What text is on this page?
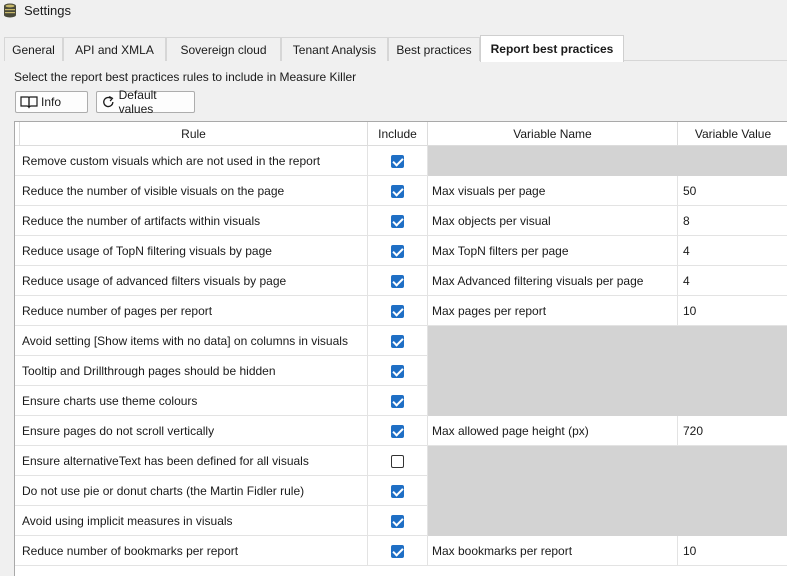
Settings
General	API and XMLA	Sovereign cloud	Tenant Analysis	Best practices	Report best practices
Select the report best practices rules to include in Measure Killer
Info	Default values
Rule	Include	Variable Name	Variable Value
Remove custom visuals which are not used in the report
Reduce the number of visible visuals on the page	Max visuals per page	50
Reduce the number of artifacts within visuals	Max objects per visual	8
Reduce usage of TopN filtering visuals by page	Max TopN filters per page	4
Reduce usage of advanced filters visuals by page	Max Advanced filtering visuals per page	4
Reduce number of pages per report	Max pages per report	10
Avoid setting [Show items with no data] on columns in visuals
Tooltip and Drillthrough pages should be hidden
Ensure charts use theme colours
Ensure pages do not scroll vertically	Max allowed page height (px)	720
Ensure alternativeText has been defined for all visuals
Do not use pie or donut charts (the Martin Fidler rule)
Avoid using implicit measures in visuals
Reduce number of bookmarks per report	Max bookmarks per report	10
